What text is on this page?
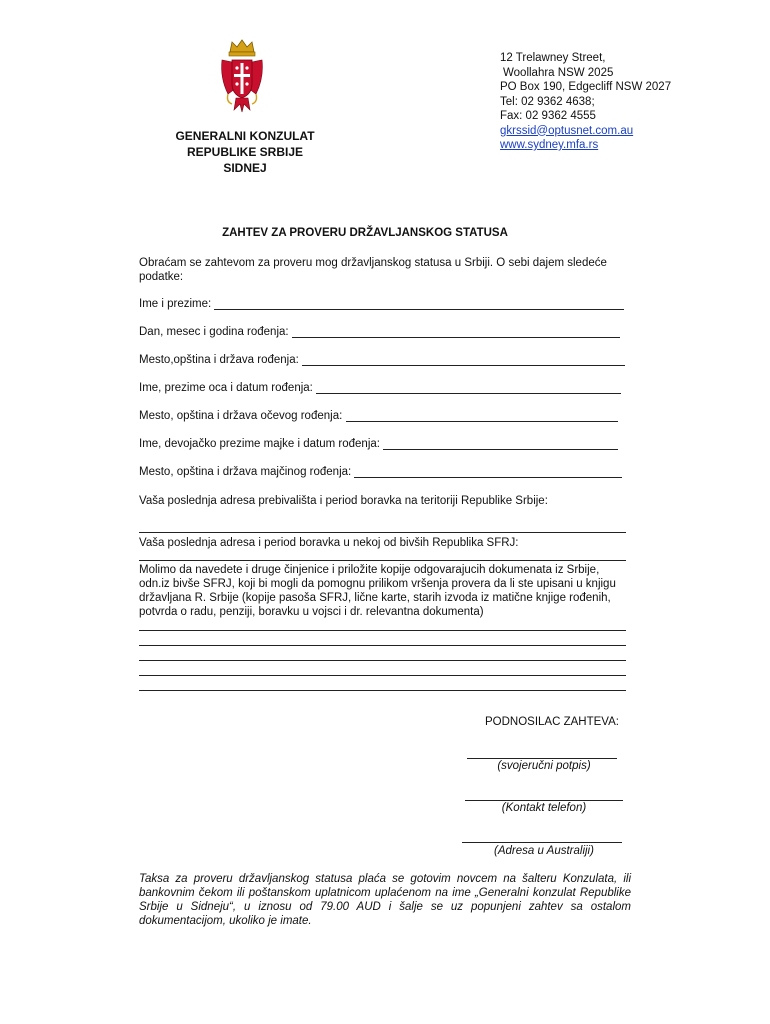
GENERALNI KONZULAT
REPUBLIKE SRBIJE
SIDNEJ
12 Trelawney Street,
Woollahra NSW 2025
PO Box 190, Edgecliff NSW 2027
Tel: 02 9362 4638;
Fax: 02 9362 4555
gkrssid@optusnet.com.au
www.sydney.mfa.rs
ZAHTEV ZA PROVERU DRŽAVLJANSKOG STATUSA
Obraćam se zahtevom za proveru mog državljanskog statusa u Srbiji. O sebi dajem sledeće podatke:
Ime i prezime:
Dan, mesec i godina rođenja:
Mesto,opština i država rođenja:
Ime, prezime oca i datum rođenja:
Mesto, opština i država očevog rođenja:
Ime, devojačko prezime majke i datum rođenja:
Mesto, opština i država majčinog rođenja:
Vaša poslednja adresa prebivališta i period boravka na teritoriji Republike Srbije:
Vaša poslednja adresa i period boravka u nekoj od bivših Republika SFRJ:
Molimo da navedete i druge činjenice i priložite kopije odgovarajucih dokumenata iz Srbije, odn.iz bivše SFRJ, koji bi mogli da pomognu prilikom vršenja provera da li ste upisani u knjigu državljana R. Srbije (kopije pasoša SFRJ, lične karte, starih izvoda iz matične knjige rođenih, potvrda o radu, penziji, boravku u vojsci i dr. relevantna dokumenta)
PODNOSILAC ZAHTEVA:
(svojeručni potpis)
(Kontakt telefon)
(Adresa u Australiji)
Taksa za proveru državljanskog statusa plaća se gotovim novcem na šalteru Konzulata, ili bankovnim čekom ili poštanskom uplatnicom uplaćenom na ime „Generalni konzulat Republike Srbije u Sidneju“, u iznosu od 79.00 AUD i šalje se uz popunjeni zahtev sa ostalom dokumentacijom, ukoliko je imate.
